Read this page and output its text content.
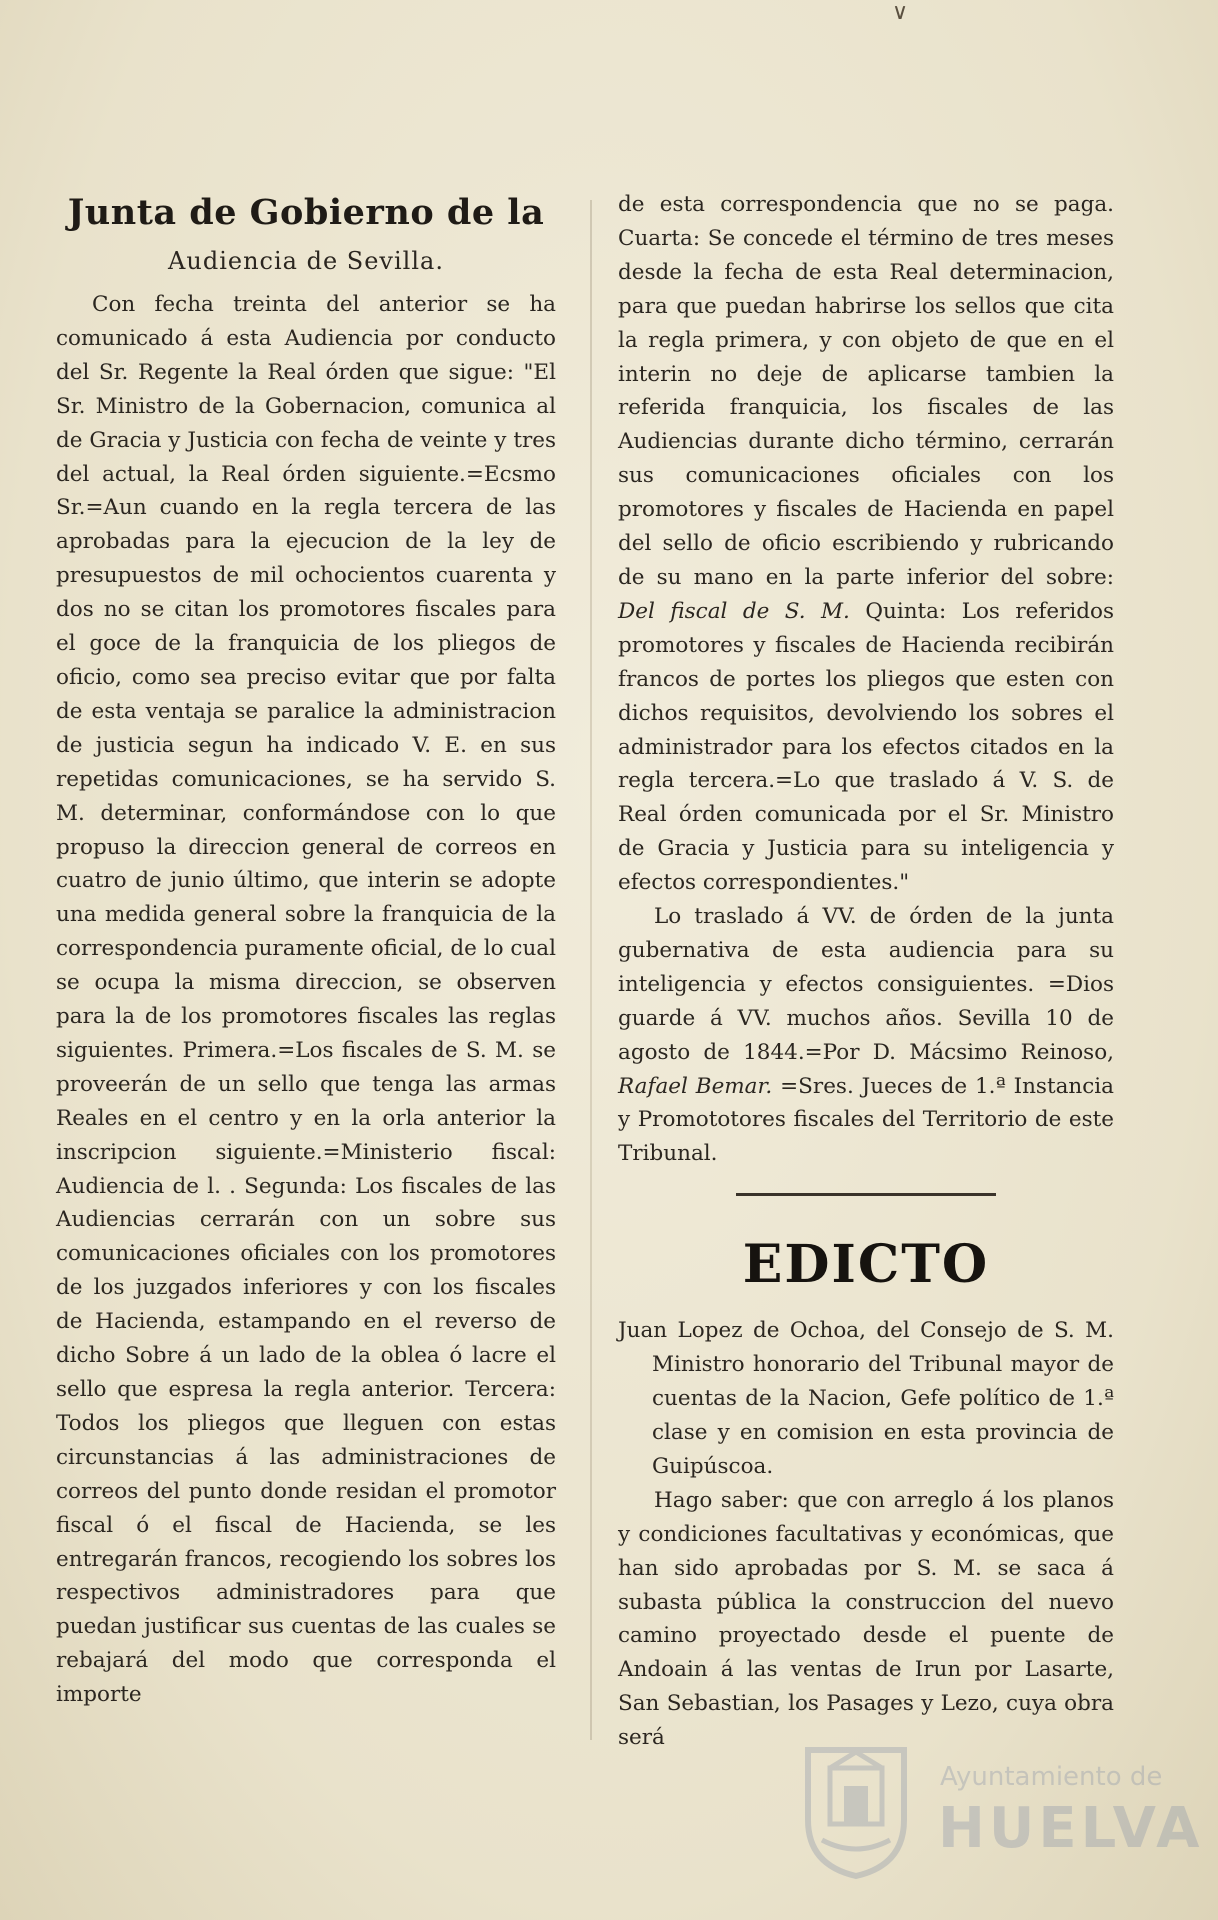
∨
Junta de Gobierno de la
Audiencia de Sevilla.

Con fecha treinta del anterior se ha comunicado á esta Audiencia por conducto del Sr. Regente la Real órden que sigue: "El Sr. Ministro de la Gobernacion, comunica al de Gracia y Justicia con fecha de veinte y tres del actual, la Real órden siguiente.=Ecsmo Sr.=Aun cuando en la regla tercera de las aprobadas para la ejecucion de la ley de presupuestos de mil ochocientos cuarenta y dos no se citan los promotores fiscales para el goce de la franquicia de los pliegos de oficio, como sea preciso evitar que por falta de esta ventaja se paralice la administracion de justicia segun ha indicado V. E. en sus repetidas comunicaciones, se ha servido S. M. determinar, conformándose con lo que propuso la direccion general de correos en cuatro de junio último, que interin se adopte una medida general sobre la franquicia de la correspondencia puramente oficial, de lo cual se ocupa la misma direccion, se observen para la de los promotores fiscales las reglas siguientes. Primera.=Los fiscales de S. M. se proveerán de un sello que tenga las armas Reales en el centro y en la orla anterior la inscripcion siguiente.=Ministerio fiscal: Audiencia de l. . Segunda: Los fiscales de las Audiencias cerrarán con un sobre sus comunicaciones oficiales con los promotores de los juzgados inferiores y con los fiscales de Hacienda, estampando en el reverso de dicho Sobre á un lado de la oblea ó lacre el sello que espresa la regla anterior. Tercera: Todos los pliegos que lleguen con estas circunstancias á las administraciones de correos del punto donde residan el promotor fiscal ó el fiscal de Hacienda, se les entregarán francos, recogiendo los sobres los respectivos administradores para que puedan justificar sus cuentas de las cuales se rebajará del modo que corresponda el importe

de esta correspondencia que no se paga. Cuarta: Se concede el término de tres meses desde la fecha de esta Real determinacion, para que puedan habrirse los sellos que cita la regla primera, y con objeto de que en el interin no deje de aplicarse tambien la referida franquicia, los fiscales de las Audiencias durante dicho término, cerrarán sus comunicaciones oficiales con los promotores y fiscales de Hacienda en papel del sello de oficio escribiendo y rubricando de su mano en la parte inferior del sobre: Del fiscal de S. M. Quinta: Los referidos promotores y fiscales de Hacienda recibirán francos de portes los pliegos que esten con dichos requisitos, devolviendo los sobres el administrador para los efectos citados en la regla tercera.=Lo que traslado á V. S. de Real órden comunicada por el Sr. Ministro de Gracia y Justicia para su inteligencia y efectos correspondientes."

Lo traslado á VV. de órden de la junta gubernativa de esta audiencia para su inteligencia y efectos consiguientes. =Dios guarde á VV. muchos años. Sevilla 10 de agosto de 1844.=Por D. Mácsimo Reinoso, Rafael Bemar. =Sres. Jueces de 1.ª Instancia y Promototores fiscales del Territorio de este Tribunal.

EDICTO

Juan Lopez de Ochoa, del Consejo de S. M. Ministro honorario del Tribunal mayor de cuentas de la Nacion, Gefe político de 1.ª clase y en comision en esta provincia de Guipúscoa.

Hago saber: que con arreglo á los planos y condiciones facultativas y económicas, que han sido aprobadas por S. M. se saca á subasta pública la construccion del nuevo camino proyectado desde el puente de Andoain á las ventas de Irun por Lasarte, San Sebastian, los Pasages y Lezo, cuya obra será

Ayuntamiento de
HUELVA
